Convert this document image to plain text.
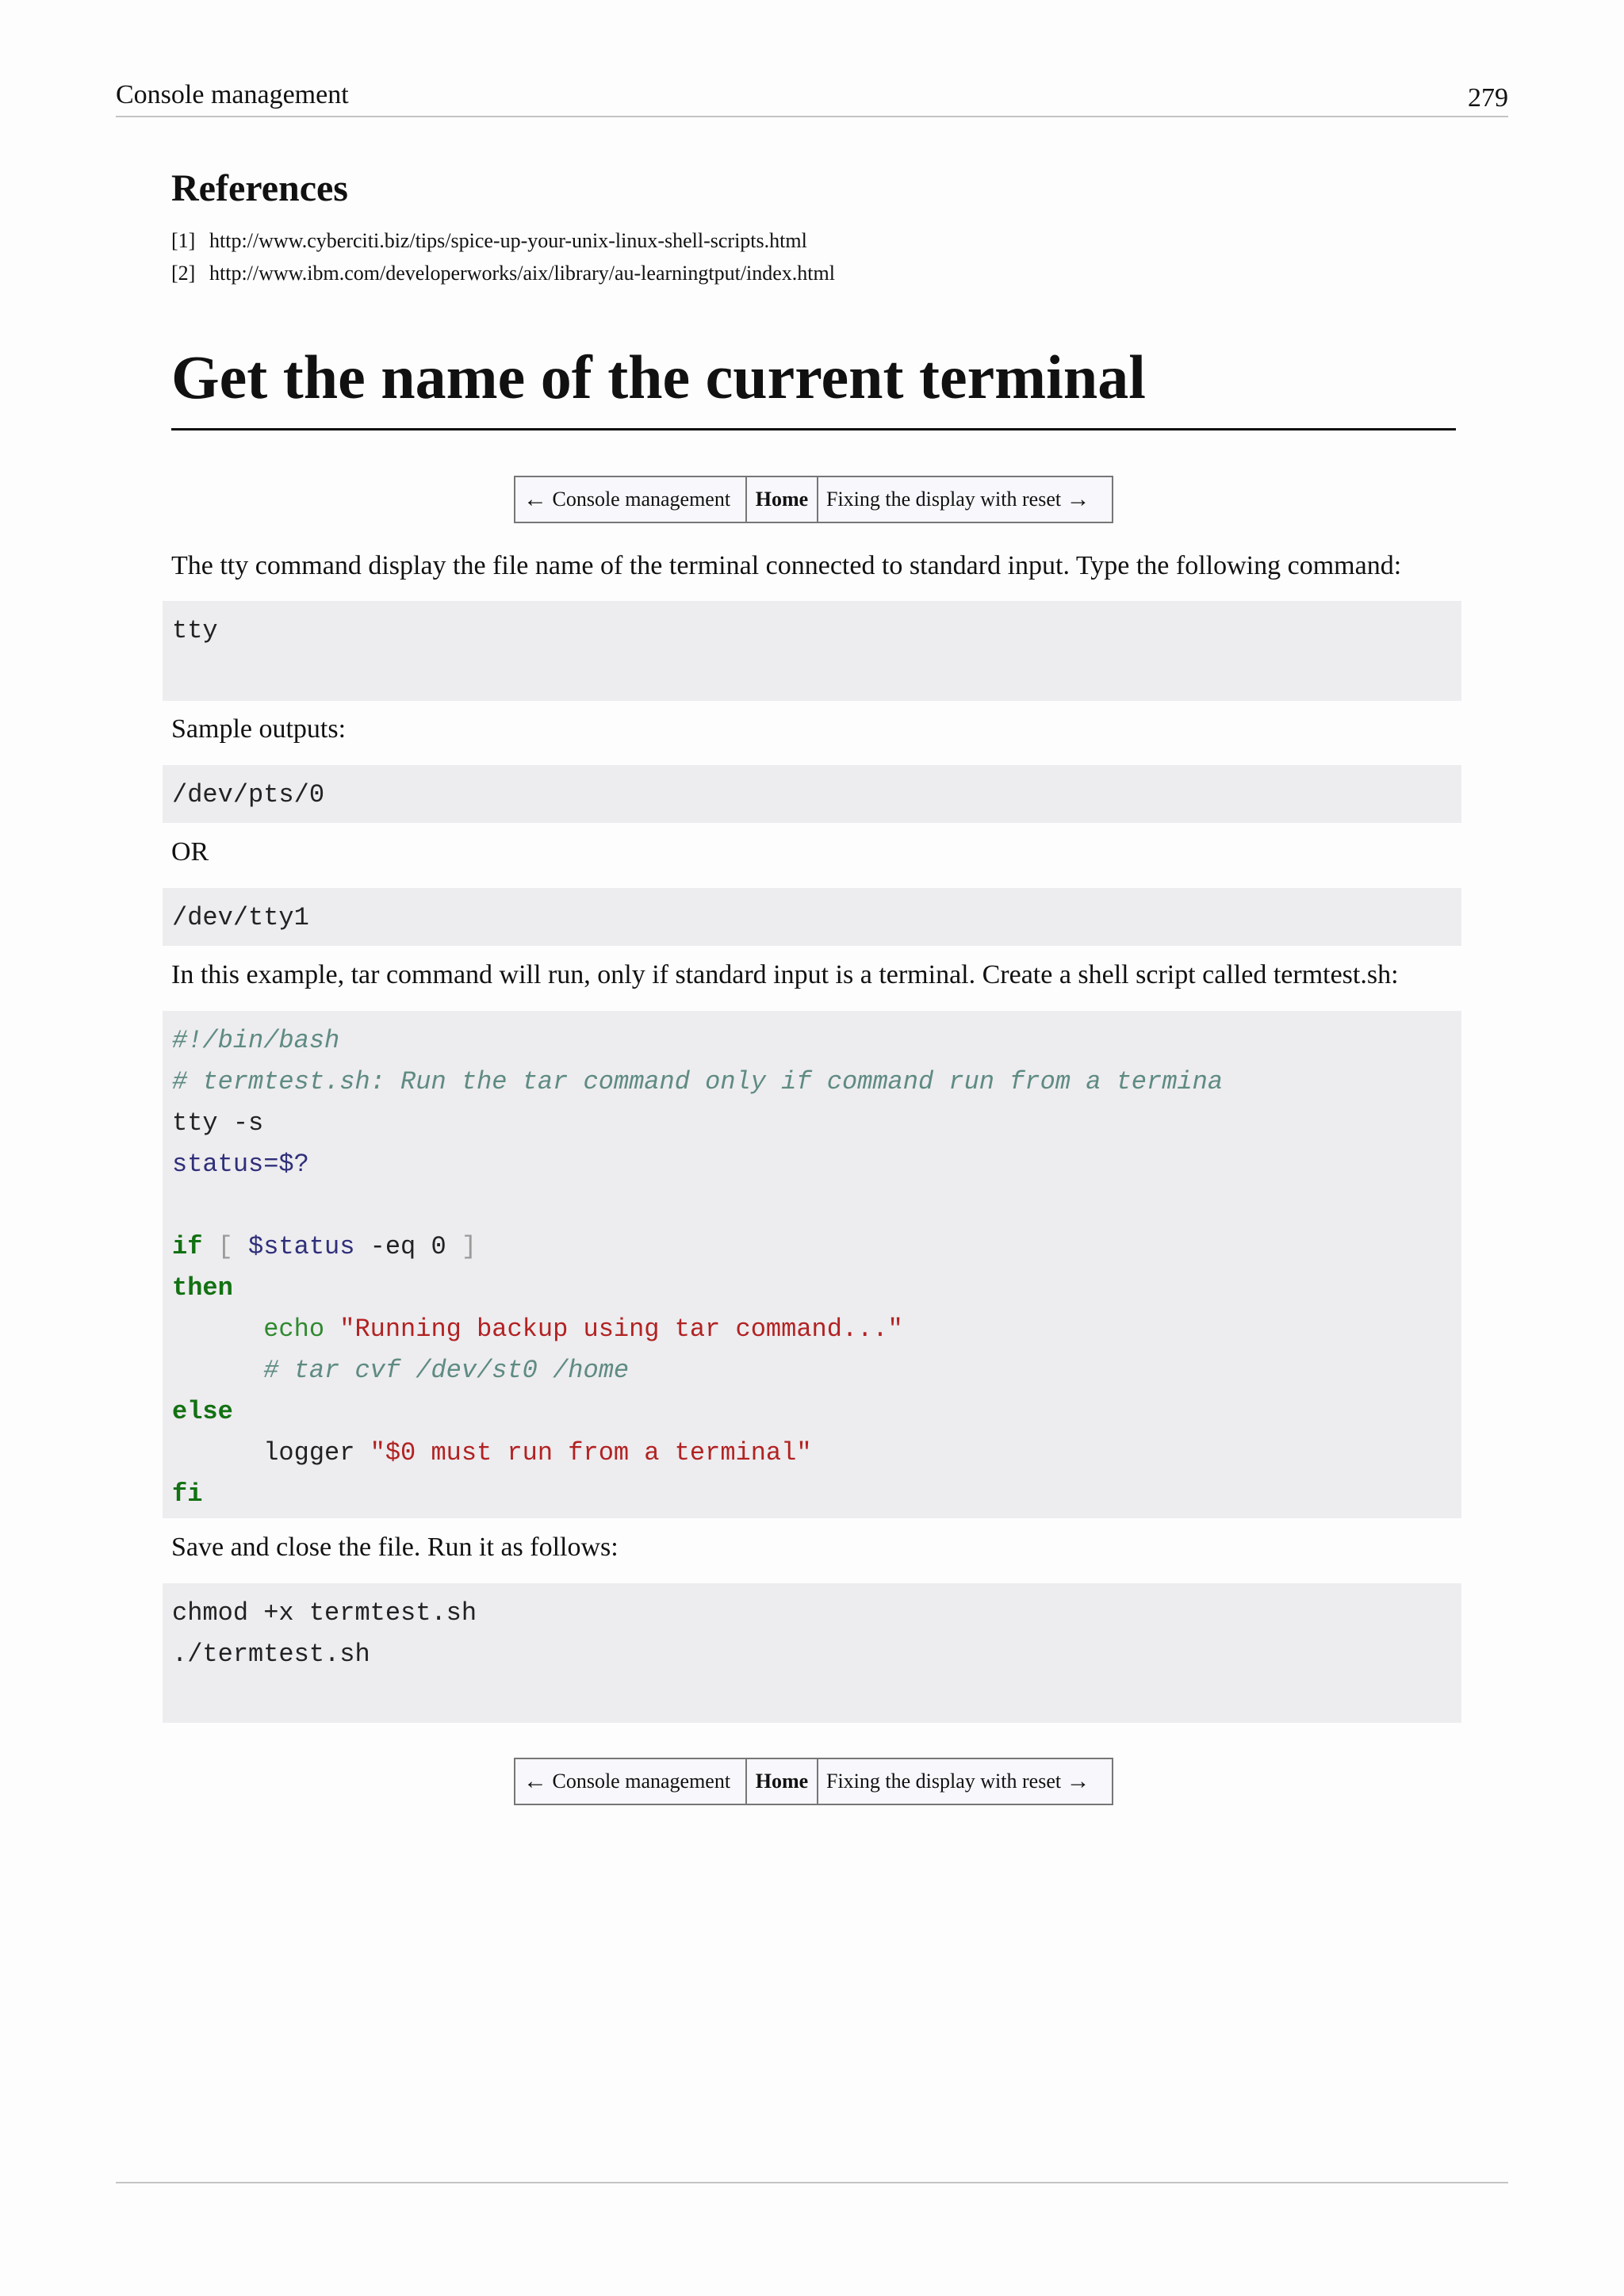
Console management	279
References
[1] http://www.cyberciti.biz/tips/spice-up-your-unix-linux-shell-scripts.html
[2] http://www.ibm.com/developerworks/aix/library/au-learningtput/index.html
Get the name of the current terminal
←
Console management Home Fixing the display with reset
→

The tty command display the file name of the terminal connected to standard input. Type the following command:

tty

Sample outputs:

/dev/pts/0

OR

/dev/tty1

In this example, tar command will run, only if standard input is a terminal. Create a shell script called termtest.sh:

#!/bin/bash
# termtest.sh: Run the tar command only if command run from a termina
tty -s
status=$?
if [ $status -eq 0 ]
then
echo "Running backup using tar command..."
# tar cvf /dev/st0 /home
else
logger "$0 must run from a terminal"
fi

Save and close the file. Run it as follows:

chmod +x termtest.sh
./termtest.sh
←
Console management Home Fixing the display with reset
→
